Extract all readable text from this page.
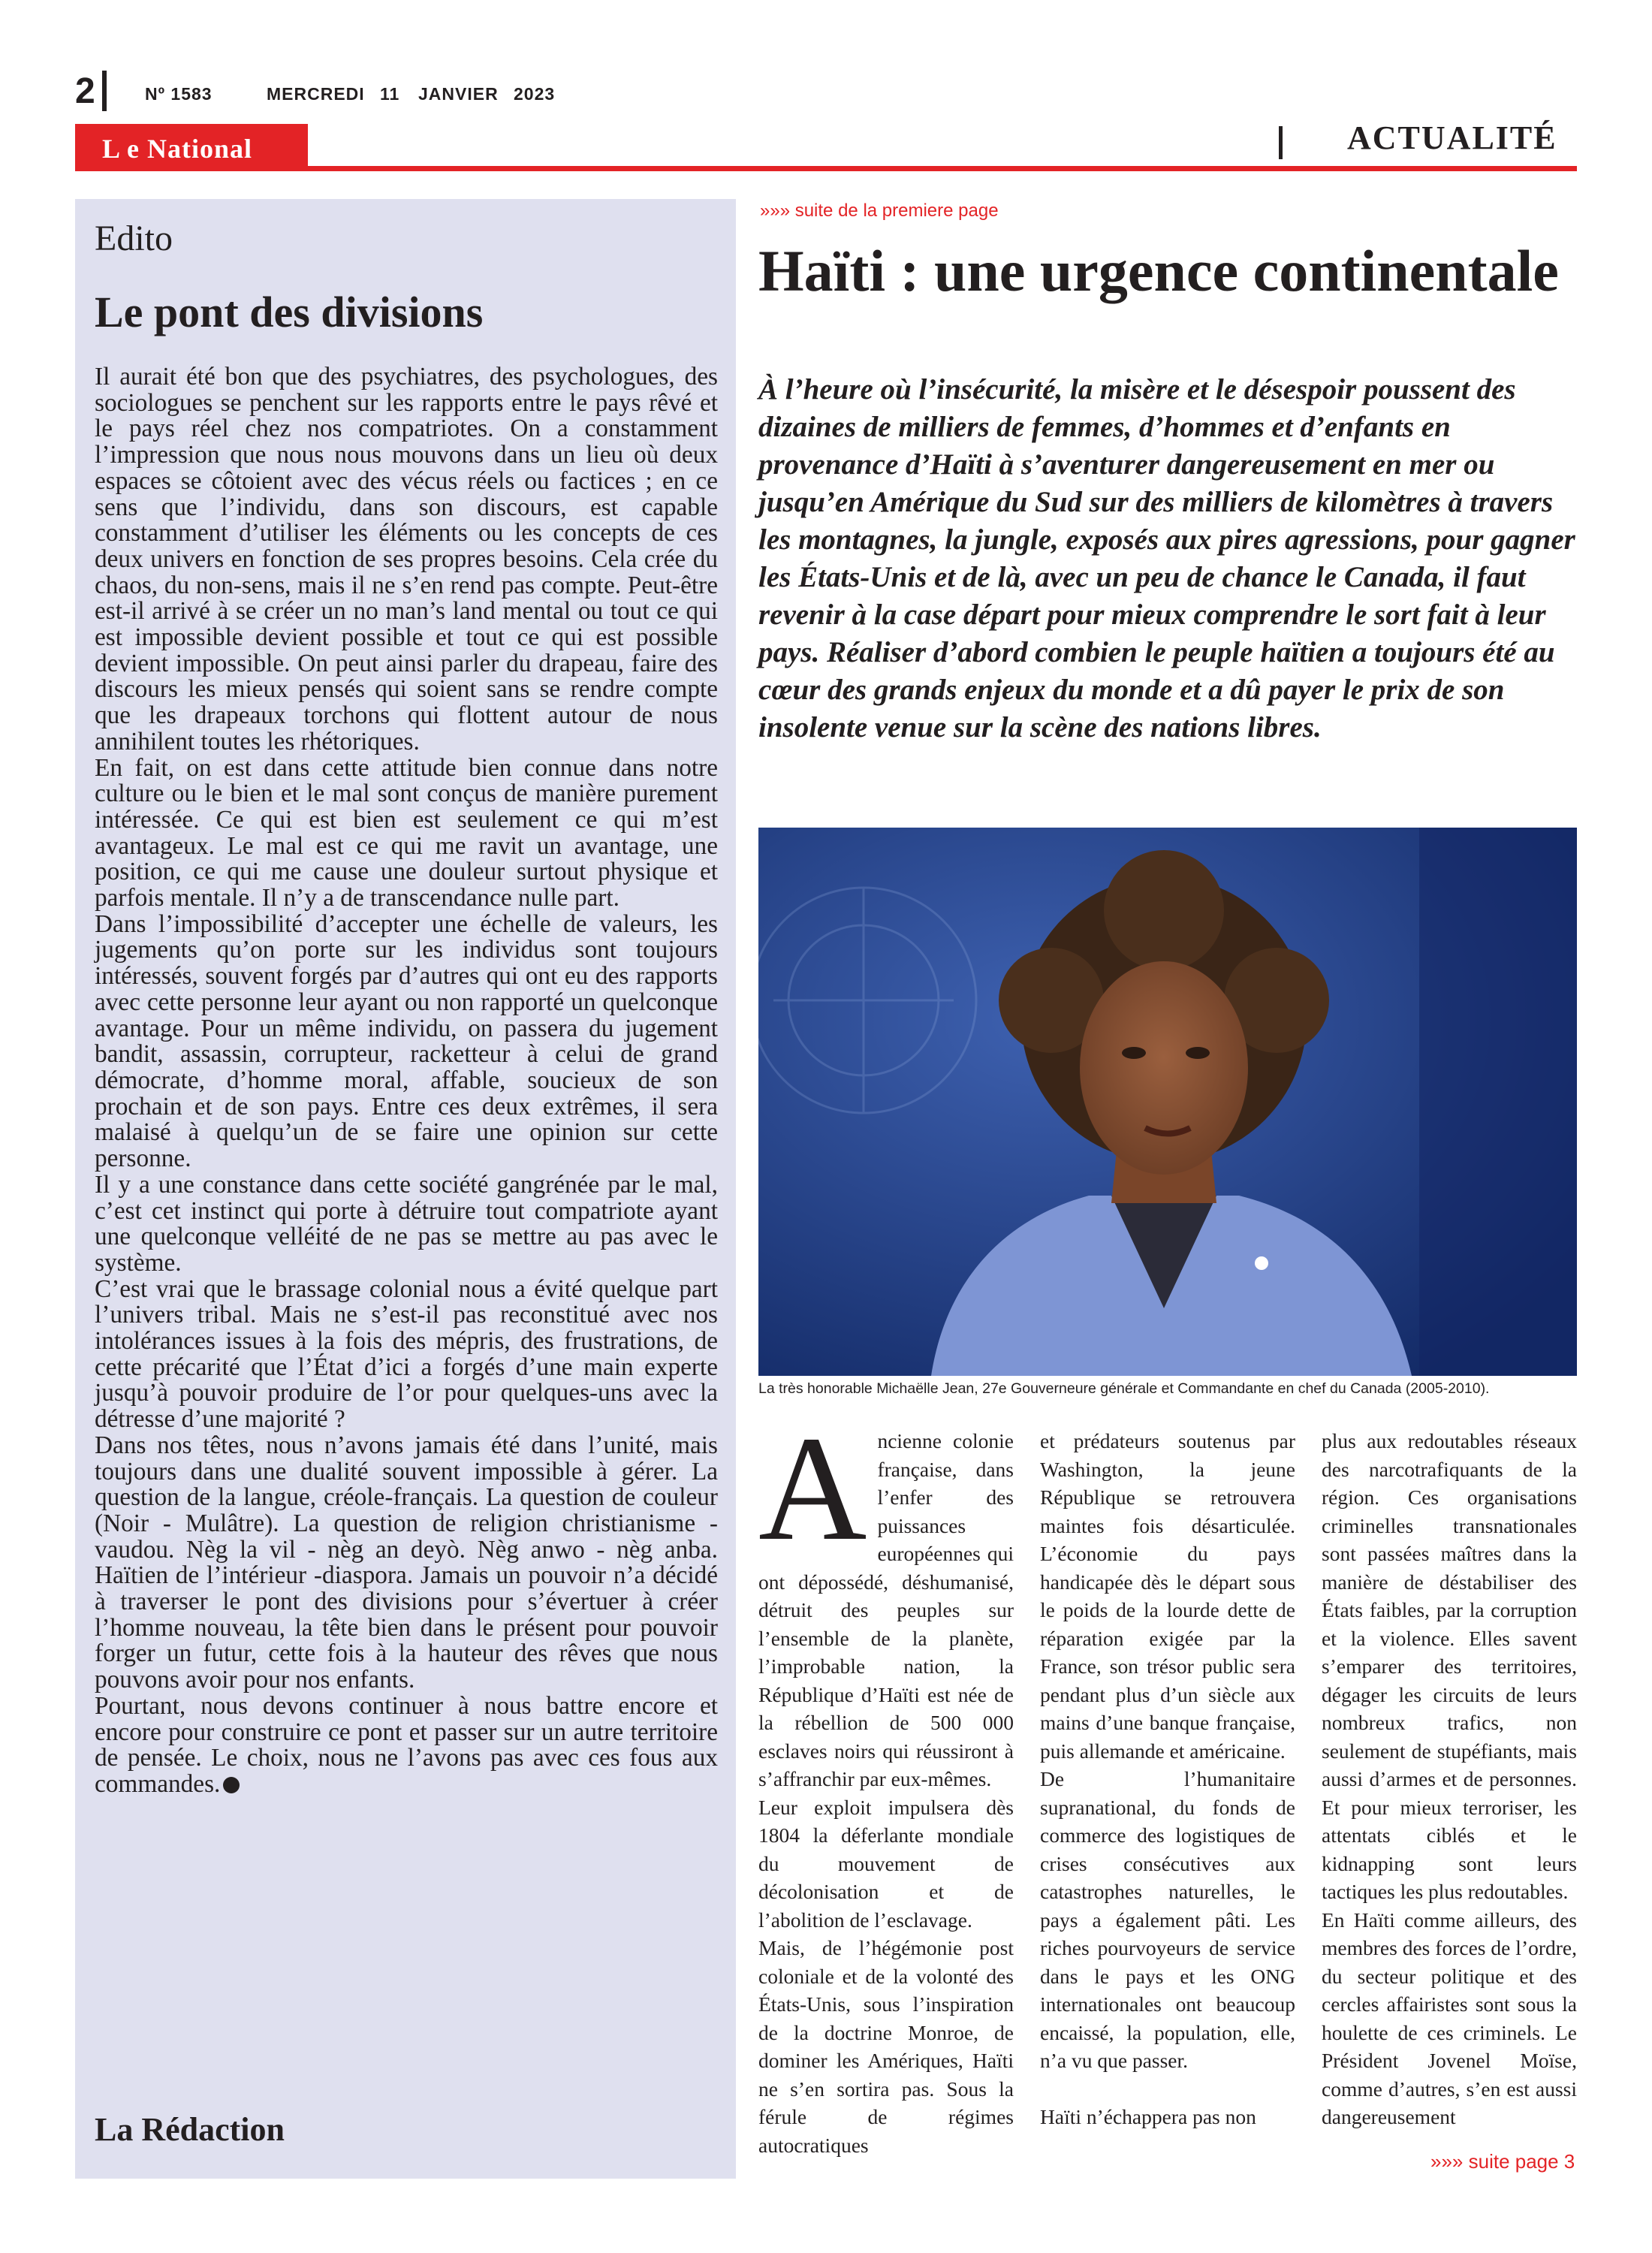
2	Nº 1583	MERCREDI 11 JANVIER 2023
L e National	ACTUALITÉ
Edito
Le pont des divisions

Il aurait été bon que des psychiatres, des psychologues, des sociologues se penchent sur les rapports entre le pays rêvé et le pays réel chez nos compatriotes. On a constamment l’impression que nous nous mouvons dans un lieu où deux espaces se côtoient avec des vécus réels ou factices ; en ce sens que l’individu, dans son discours, est capable constamment d’utiliser les éléments ou les concepts de ces deux univers en fonction de ses propres besoins. Cela crée du chaos, du non-sens, mais il ne s’en rend pas compte. Peut-être est-il arrivé à se créer un no man’s land mental ou tout ce qui est impossible devient possible et tout ce qui est possible devient impossible. On peut ainsi parler du drapeau, faire des discours les mieux pensés qui soient sans se rendre compte que les drapeaux torchons qui flottent autour de nous annihilent toutes les rhétoriques.

En fait, on est dans cette attitude bien connue dans notre culture ou le bien et le mal sont conçus de manière purement intéressée. Ce qui est bien est seulement ce qui m’est avantageux. Le mal est ce qui me ravit un avantage, une position, ce qui me cause une douleur surtout physique et parfois mentale. Il n’y a de transcendance nulle part.

Dans l’impossibilité d’accepter une échelle de valeurs, les jugements qu’on porte sur les individus sont toujours intéressés, souvent forgés par d’autres qui ont eu des rapports avec cette personne leur ayant ou non rapporté un quelconque avantage. Pour un même individu, on passera du jugement bandit, assassin, corrupteur, racketteur à celui de grand démocrate, d’homme moral, affable, soucieux de son prochain et de son pays. Entre ces deux extrêmes, il sera malaisé à quelqu’un de se faire une opinion sur cette personne.

Il y a une constance dans cette société gangrénée par le mal, c’est cet instinct qui porte à détruire tout compatriote ayant une quelconque velléité de ne pas se mettre au pas avec le système.

C’est vrai que le brassage colonial nous a évité quelque part l’univers tribal. Mais ne s’est-il pas reconstitué avec nos intolérances issues à la fois des mépris, des frustrations, de cette précarité que l’État d’ici a forgés d’une main experte jusqu’à pouvoir produire de l’or pour quelques-uns avec la détresse d’une majorité ?

Dans nos têtes, nous n’avons jamais été dans l’unité, mais toujours dans une dualité souvent impossible à gérer. La question de la langue, créole-français. La question de couleur (Noir - Mulâtre). La question de religion christianisme - vaudou. Nèg la vil - nèg an deyò. Nèg anwo - nèg anba. Haïtien de l’intérieur -diaspora. Jamais un pouvoir n’a décidé à traverser le pont des divisions pour s’évertuer à créer l’homme nouveau, la tête bien dans le présent pour pouvoir forger un futur, cette fois à la hauteur des rêves que nous pouvons avoir pour nos enfants.

Pourtant, nous devons continuer à nous battre encore et encore pour construire ce pont et passer sur un autre territoire de pensée. Le choix, nous ne l’avons pas avec ces fous aux commandes.

La Rédaction
»»» suite de la premiere page
Haïti : une urgence continentale
À l’heure où l’insécurité, la misère et le désespoir poussent des dizaines de milliers de femmes, d’hommes et d’enfants en provenance d’Haïti à s’aventurer dangereusement en mer ou jusqu’en Amérique du Sud sur des milliers de kilomètres à travers les montagnes, la jungle, exposés aux pires agressions, pour gagner les États-Unis et de là, avec un peu de chance le Canada, il faut revenir à la case départ pour mieux comprendre le sort fait à leur pays. Réaliser d’abord combien le peuple haïtien a toujours été au cœur des grands enjeux du monde et a dû payer le prix de son insolente venue sur la scène des nations libres.
La très honorable Michaëlle Jean, 27e Gouverneure générale et Commandante en chef du Canada (2005-2010).

Ancienne colonie française, dans l’enfer des puissances européennes qui ont dépossédé, déshumanisé, détruit des peuples sur l’ensemble de la planète, l’improbable nation, la République d’Haïti est née de la rébellion de 500 000 esclaves noirs qui réussiront à s’affranchir par eux-mêmes.

Leur exploit impulsera dès 1804 la déferlante mondiale du mouvement de décolonisation et de l’abolition de l’esclavage.

Mais, de l’hégémonie post coloniale et de la volonté des États-Unis, sous l’inspiration de la doctrine Monroe, de dominer les Amériques, Haïti ne s’en sortira pas. Sous la férule de régimes autocratiques

et prédateurs soutenus par Washington, la jeune République se retrouvera maintes fois désarticulée. L’économie du pays handicapée dès le départ sous le poids de la lourde dette de réparation exigée par la France, son trésor public sera pendant plus d’un siècle aux mains d’une banque française, puis allemande et américaine.

De l’humanitaire supranational, du fonds de commerce des logistiques de crises consécutives aux catastrophes naturelles, le pays a également pâti. Les riches pourvoyeurs de service dans le pays et les ONG internationales ont beaucoup encaissé, la population, elle, n’a vu que passer.

Haïti n’échappera pas non

plus aux redoutables réseaux des narcotrafiquants de la région. Ces organisations criminelles transnationales sont passées maîtres dans la manière de déstabiliser des États faibles, par la corruption et la violence. Elles savent s’emparer des territoires, dégager les circuits de leurs nombreux trafics, non seulement de stupéfiants, mais aussi d’armes et de personnes. Et pour mieux terroriser, les attentats ciblés et le kidnapping sont leurs tactiques les plus redoutables.

En Haïti comme ailleurs, des membres des forces de l’ordre, du secteur politique et des cercles affairistes sont sous la houlette de ces criminels. Le Président Jovenel Moïse, comme d’autres, s’en est aussi dangereusement

»»» suite page 3
